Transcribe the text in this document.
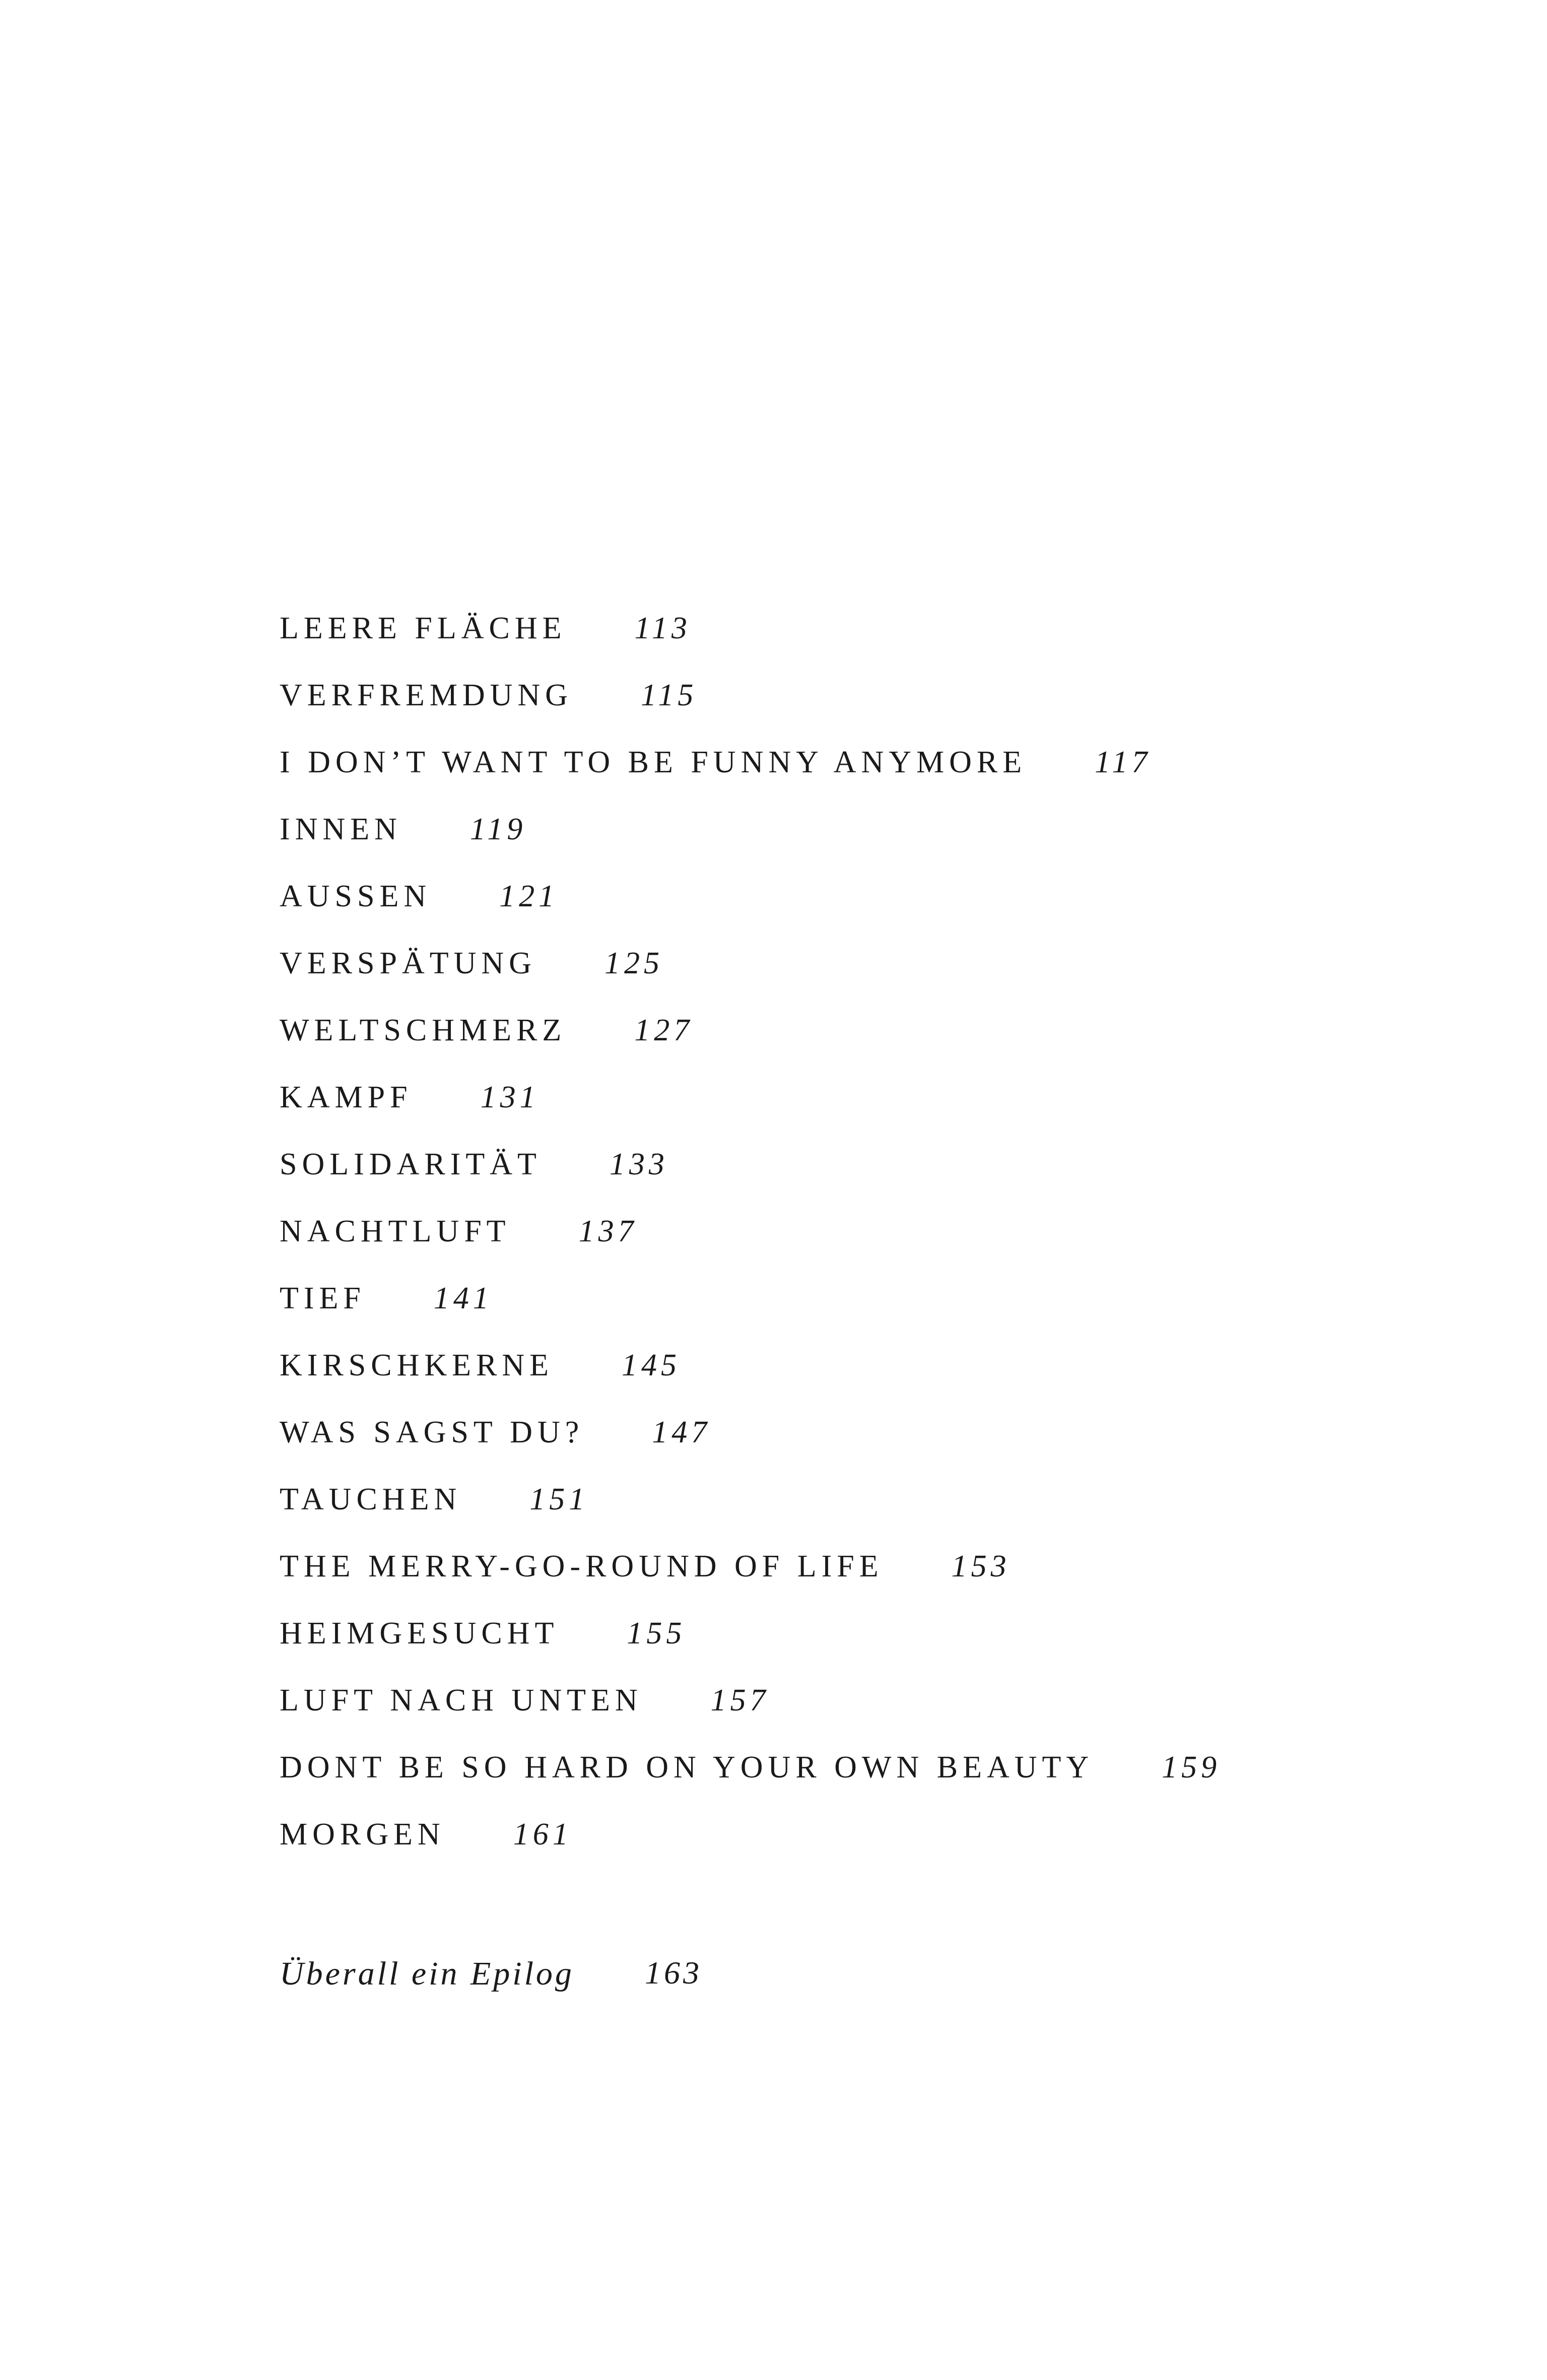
LEERE FLÄCHE 113
VERFREMDUNG 115
I DON’T WANT TO BE FUNNY ANYMORE 117
INNEN 119
AUSSEN 121
VERSPÄTUNG 125
WELTSCHMERZ 127
KAMPF 131
SOLIDARITÄT 133
NACHTLUFT 137
TIEF 141
KIRSCHKERNE 145
WAS SAGST DU? 147
TAUCHEN 151
THE MERRY-GO-ROUND OF LIFE 153
HEIMGESUCHT 155
LUFT NACH UNTEN 157
DONT BE SO HARD ON YOUR OWN BEAUTY 159
MORGEN 161
Überall ein Epilog 163
